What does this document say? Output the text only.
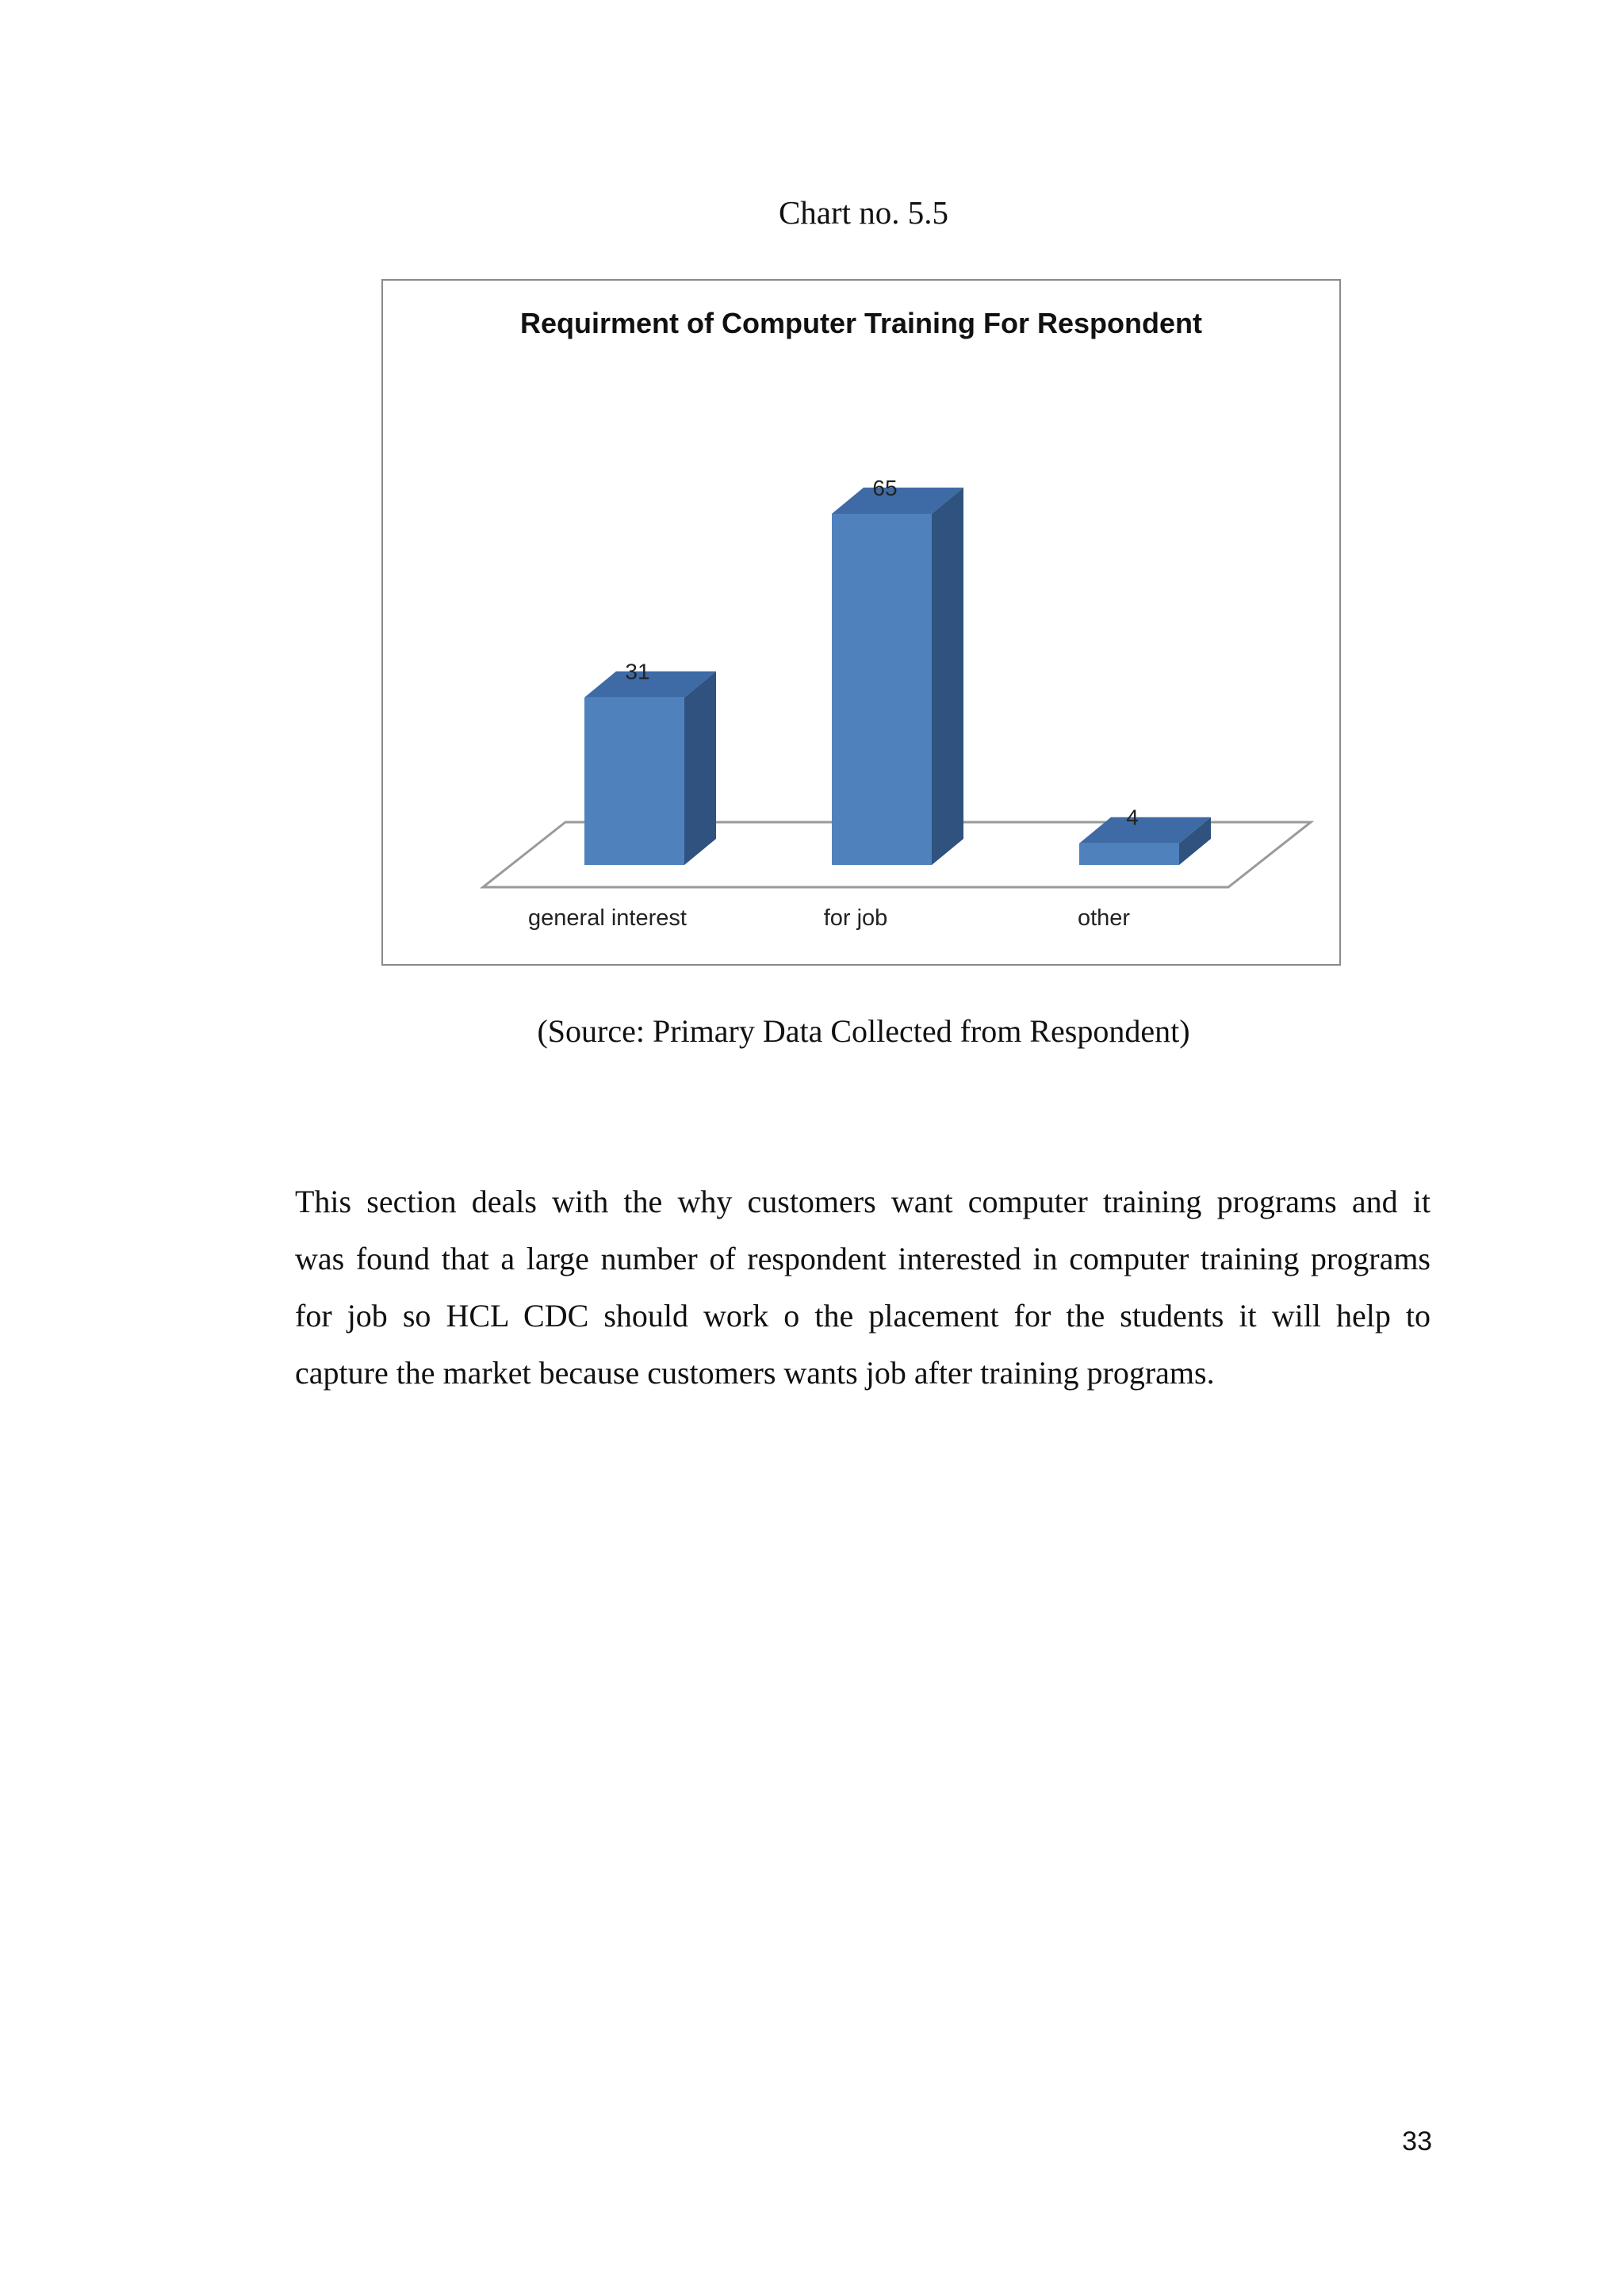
Chart no. 5.5
Requirment of Computer Training For Respondent
31
general interest
65
for job
4
other
(Source: Primary Data Collected from Respondent)
This section deals with the why customers want computer training programs and it
was found that a large number of respondent interested in computer training programs
for job so HCL CDC should work o the placement for the students it will help to
capture the market because customers wants job after training programs.
33
